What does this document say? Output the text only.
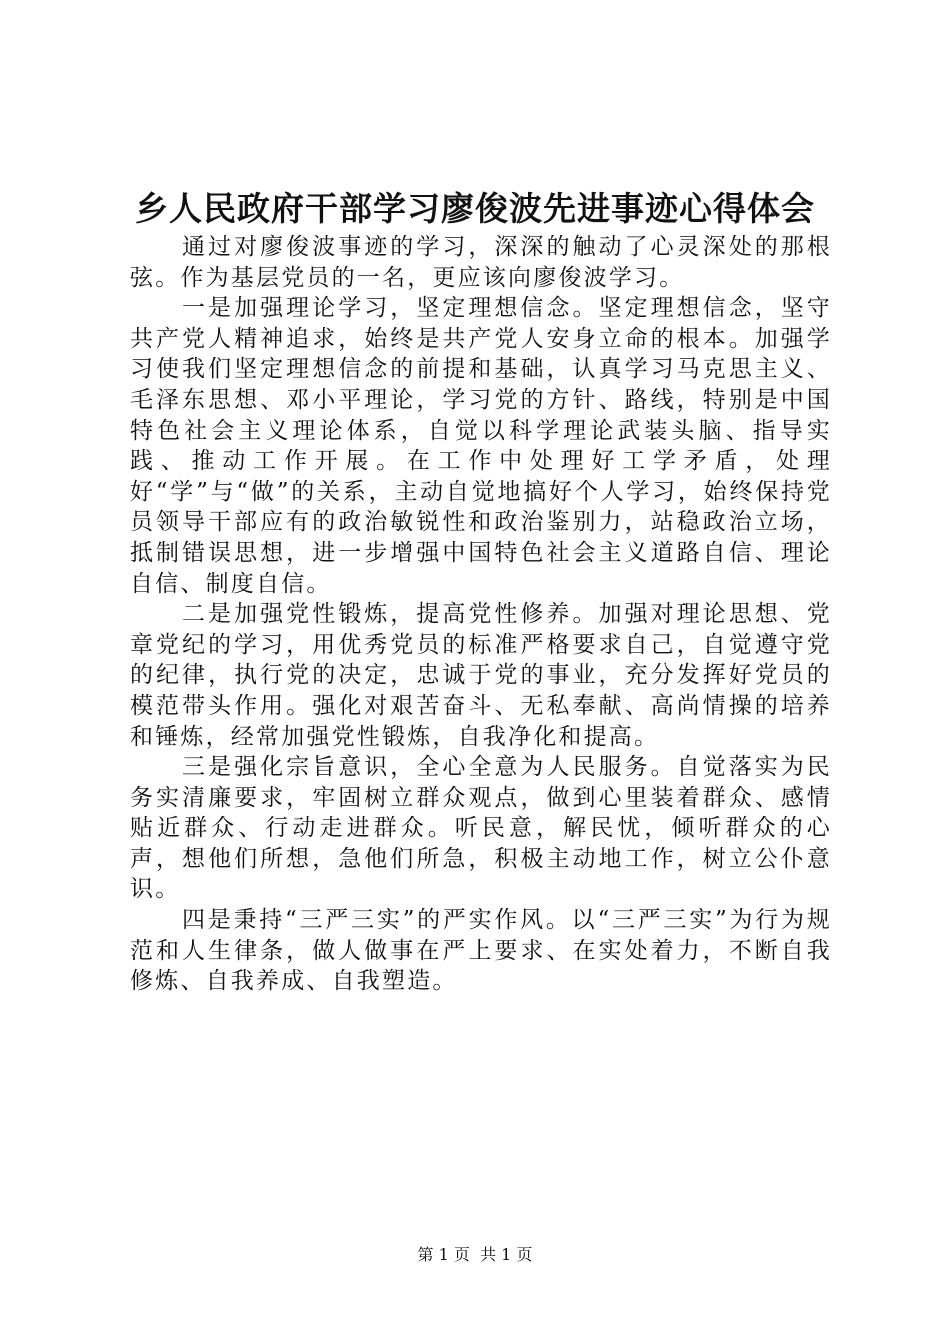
乡人民政府干部学习廖俊波先进事迹心得体会

通过对廖俊波事迹的学习，深深的触动了心灵深处的那根弦。作为基层党员的一名，更应该向廖俊波学习。

一是加强理论学习，坚定理想信念。坚定理想信念，坚守共产党人精神追求，始终是共产党人安身立命的根本。加强学习使我们坚定理想信念的前提和基础，认真学习马克思主义、毛泽东思想、邓小平理论，学习党的方针、路线，特别是中国特色社会主义理论体系，自觉以科学理论武装头脑、指导实践、推动工作开展。在工作中处理好工学矛盾，处理好“学”与“做”的关系，主动自觉地搞好个人学习，始终保持党员领导干部应有的政治敏锐性和政治鉴别力，站稳政治立场，抵制错误思想，进一步增强中国特色社会主义道路自信、理论自信、制度自信。

二是加强党性锻炼，提高党性修养。加强对理论思想、党章党纪的学习，用优秀党员的标准严格要求自己，自觉遵守党的纪律，执行党的决定，忠诚于党的事业，充分发挥好党员的模范带头作用。强化对艰苦奋斗、无私奉献、高尚情操的培养和锤炼，经常加强党性锻炼，自我净化和提高。

三是强化宗旨意识，全心全意为人民服务。自觉落实为民务实清廉要求，牢固树立群众观点，做到心里装着群众、感情贴近群众、行动走进群众。听民意，解民忧，倾听群众的心声，想他们所想，急他们所急，积极主动地工作，树立公仆意识。

四是秉持“三严三实”的严实作风。以“三严三实”为行为规范和人生律条，做人做事在严上要求、在实处着力，不断自我修炼、自我养成、自我塑造。

第 1 页 共 1 页
